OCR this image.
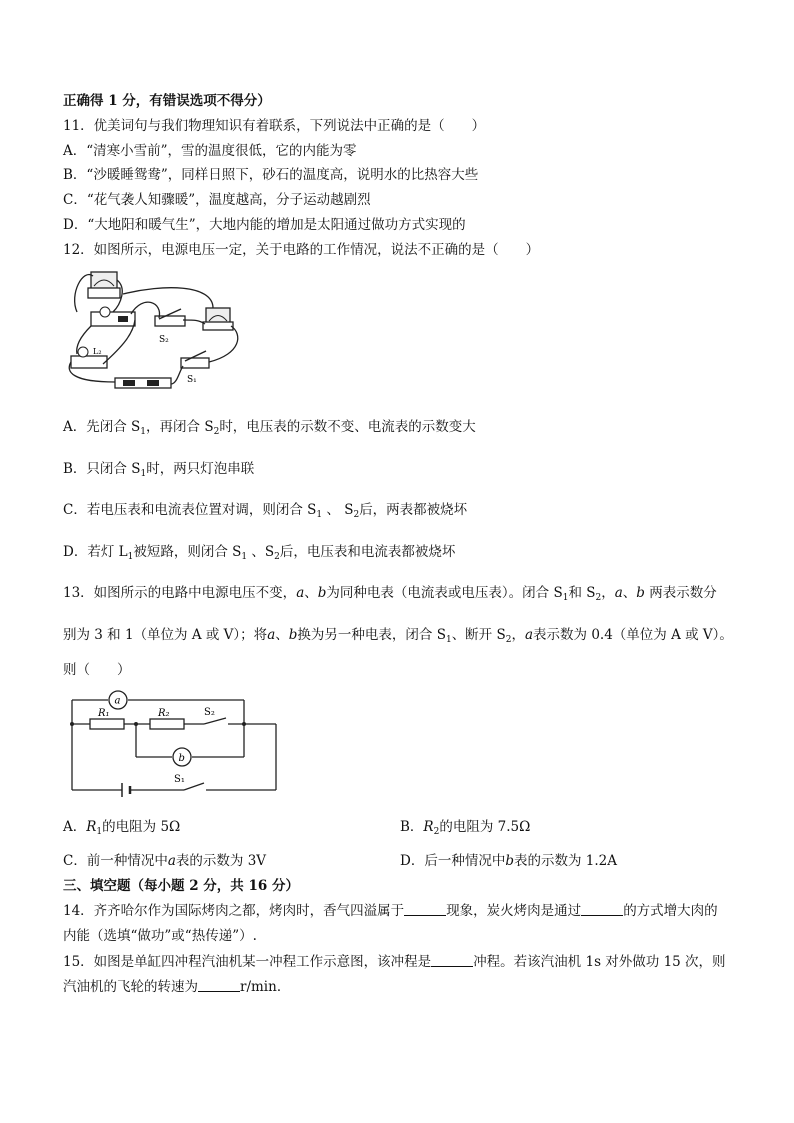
正确得 1 分，有错误选项不得分）
11．优美词句与我们物理知识有着联系，下列说法中正确的是（　　）
A．“清寒小雪前”，雪的温度很低，它的内能为零
B．“沙暖睡鸳鸯”，同样日照下，砂石的温度高，说明水的比热容大些
C．“花气袭人知骤暖”，温度越高，分子运动越剧烈
D．“大地阳和暖气生”，大地内能的增加是太阳通过做功方式实现的
12．如图所示，电源电压一定，关于电路的工作情况，说法不正确的是（　　）
S₂
L₂
S₁
A．先闭合 $S_1$，再闭合 $S_2$时，电压表的示数不变、电流表的示数变大
B．只闭合 $S_1$时，两只灯泡串联
C．若电压表和电流表位置对调，则闭合 $S_1$ 、 $S_2$后，两表都被烧坏
D．若灯 $L_1$被短路，则闭合 $S_1$ 、$S_2$后，电压表和电流表都被烧坏
13．如图所示的电路中电源电压不变，a、b为同种电表（电流表或电压表）。闭合 $S_1$和 $S_2$，a、b 两表示数分
别为 3 和 1（单位为 A 或 V）；将a、b换为另一种电表，闭合 $S_1$、断开 $S_2$，a表示数为 0.4（单位为 A 或 V）。
则（　　）
a
b
R₁	R₂	S₂
S₁
A．$R_1$的电阻为 5Ω	B．$R_2$的电阻为 7.5Ω
C．前一种情况中a表的示数为 3V	D．后一种情况中b表的示数为 1.2A
三、填空题（每小题 2 分，共 16 分）
14．齐齐哈尔作为国际烤肉之都，烤肉时，香气四溢属于	现象，炭火烤肉是通过	的方式增大肉的
内能（选填“做功”或“热传递”）.
15．如图是单缸四冲程汽油机某一冲程工作示意图，该冲程是	冲程。若该汽油机 1s 对外做功 15 次，则
汽油机的飞轮的转速为	r/min．
